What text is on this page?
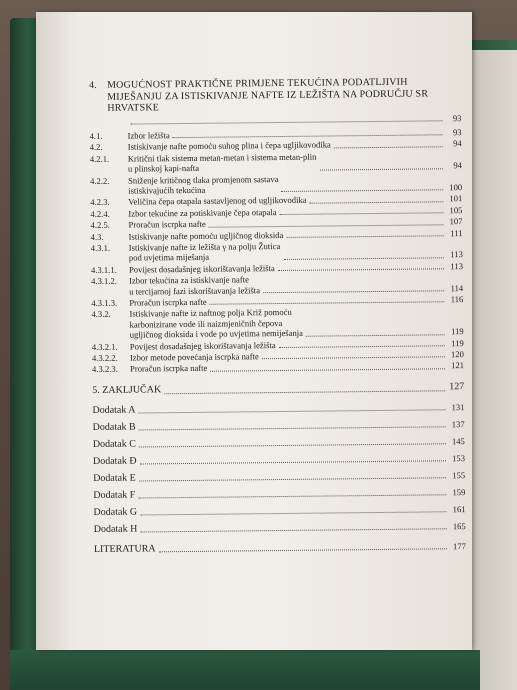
4. MOGUĆNOST PRAKTIČNE PRIMJENE TEKUĆINA PODATLJIVIH MIJEŠANJU ZA ISTISKIVANJE NAFTE IZ LEŽIŠTA NA PODRUČJU SR HRVATSKE
93
4.1.	Izbor ležišta	93
4.2.	Istiskivanje nafte pomoću suhog plina i čepa ugljikovodika	94
4.2.1.	Kritični tlak sistema metan-metan i sistema metan-plin
u plinskoj kapi-nafta	94
4.2.2.	Sniženje kritičnog tlaka promjenom sastava
istiskivajućih tekućina	100
4.2.3.	Veličina čepa otapala sastavljenog od ugljikovodika	101
4.2.4.	Izbor tekućine za potiskivanje čepa otapala	105
4.2.5.	Proračun iscrpka nafte	107
4.3.	Istiskivanje nafte pomoću ugljičnog dioksida	111
4.3.1.	Istiskivanje nafte iz ležišta γ na polju Žutica
pod uvjetima miješanja	113
4.3.1.1.	Povijest dosadašnjeg iskorištavanja ležišta	113
4.3.1.2.	Izbor tekućina za istiskivanje nafte
u tercijarnoj fazi iskorištavanja ležišta	114
4.3.1.3.	Proračun iscrpka nafte	116
4.3.2.	Istiskivanje nafte iz naftnog polja Križ pomoću
karbonizirane vode ili naizmjeničnih čepova
ugljičnog dioksida i vode po uvjetima nemiješanja	119
4.3.2.1.	Povijest dosadašnjeg iskorištavanja ležišta	119
4.3.2.2.	Izbor metode povećanja iscrpka nafte	120
4.3.2.3.	Proračun iscrpka nafte	121
5. ZAKLJUČAK	127
Dodatak A	131
Dodatak B	137
Dodatak C	145
Dodatak Đ	153
Dodatak E	155
Dodatak F	159
Dodatak G	161
Dodatak H	165
LITERATURA	177
